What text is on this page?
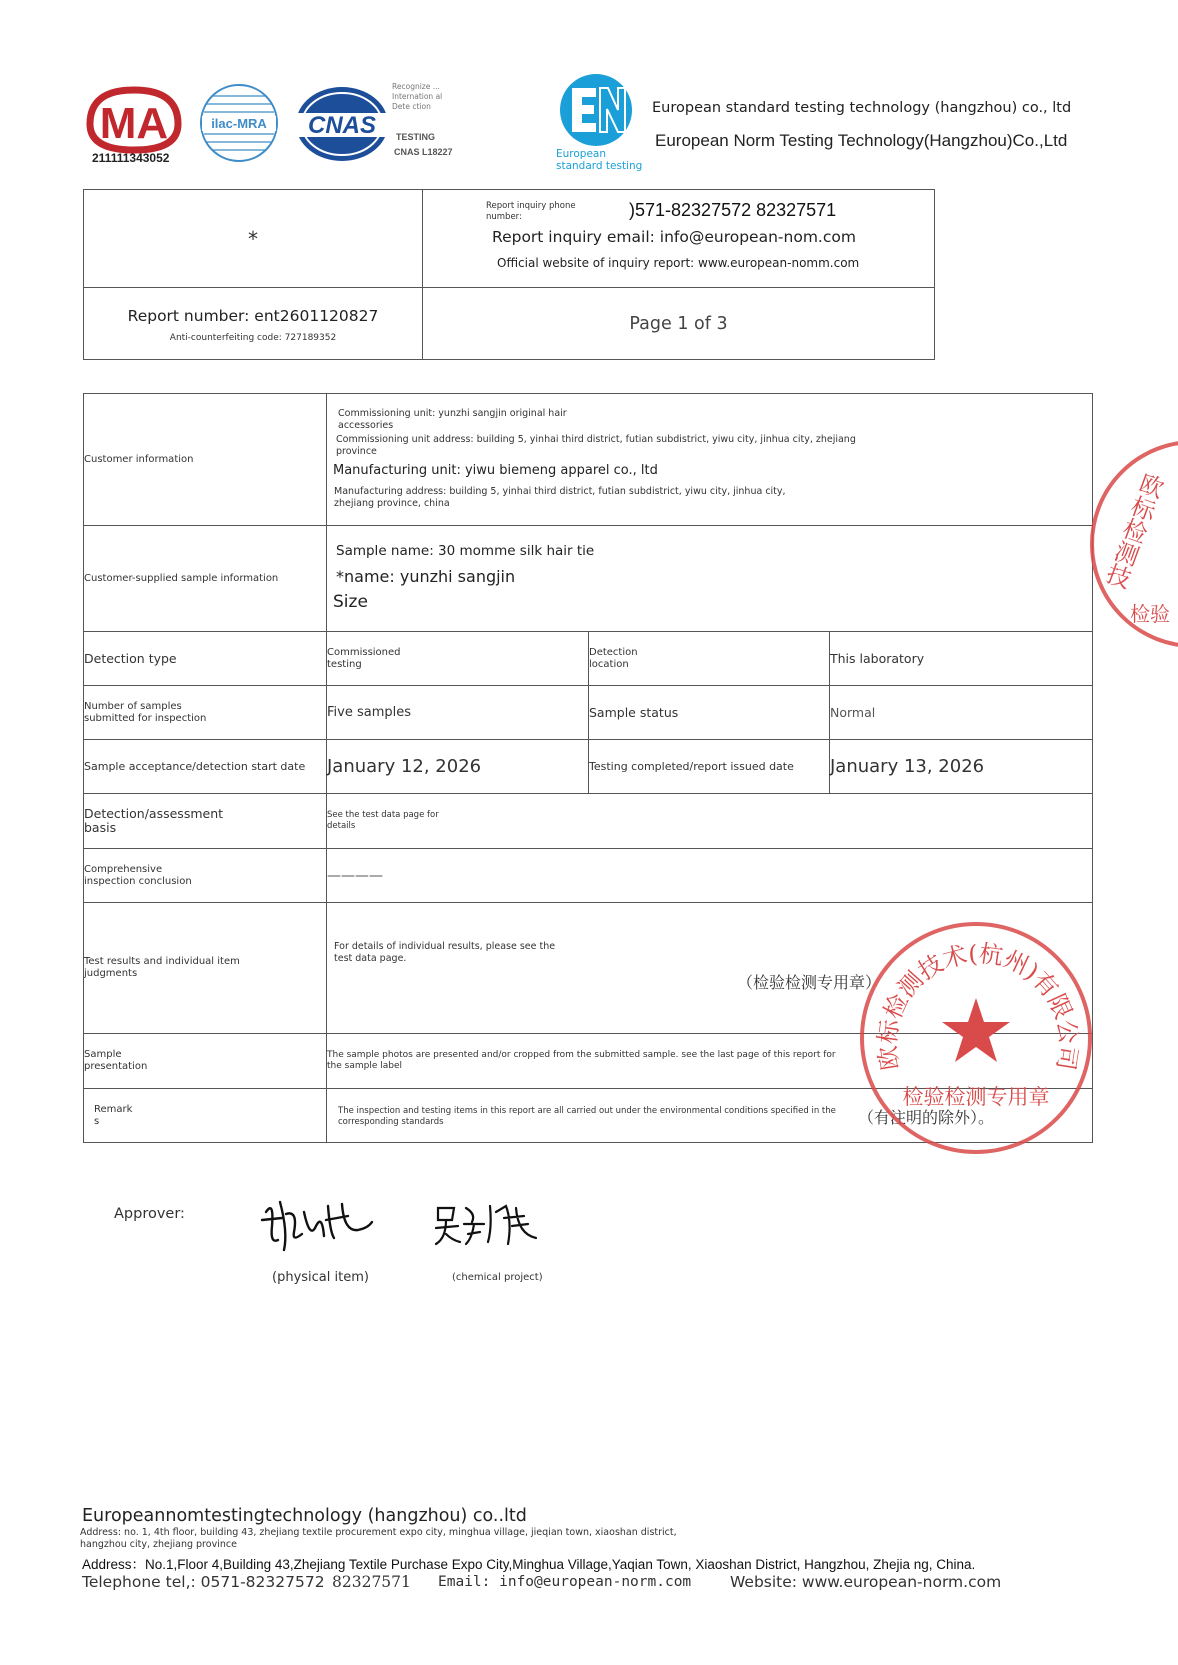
MA
211111343052
ilac-MRA CNAS
Recognize ... Internation al Dete ction
TESTING
CNAS L18227	European standard testing
European standard testing technology (hangzhou) co., ltd
European Norm Testing Technology(Hangzhou)Co.,Ltd
*	Report inquiry phone number: )571-82327572 82327571
Report inquiry email: info@european-nom.com
Official website of inquiry report: www.european-nomm.com

Report number: ent2601120827
Anti-counterfeiting code: 727189352	Page 1 of 3
Customer information	Commissioning unit: yunzhi sangjin original hair accessories
Commissioning unit address: building 5, yinhai third district, futian subdistrict, yiwu city, jinhua city, zhejiang province
Manufacturing unit: yiwu biemeng apparel co., ltd
Manufacturing address: building 5, yinhai third district, futian subdistrict, yiwu city, jinhua city, zhejiang province, china		

Customer-supplied sample information	Sample name: 30 momme silk hair tie
*name: yunzhi sangjin
Size		

Detection type	Commissioned testing	Detection location	This laboratory

Number of samples submitted for inspection	Five samples	Sample status	Normal
Sample acceptance/detection start date	January 12, 2026	Testing completed/report issued date	January 13, 2026

Detection/assessment basis	See the test data page for details		

Comprehensive inspection conclusion	————		

Test results and individual item judgments	For details of individual results, please see the test data page.
（检验检测专用章）		

Sample presentation	The sample photos are presented and/or cropped from the submitted sample. see the last page of this report for the sample label		

Remark s	The inspection and testing items in this report are all carried out under the environmental conditions specified in the corresponding standards （有注明的除外）。		
欧标检测技术(杭州)有限公司
检验检测专用章
欧标检测技
检验
Approver:
(physical item)	(chemical project)
Europeannomtestingtechnology (hangzhou) co..ltd
Address: no. 1, 4th floor, building 43, zhejiang textile procurement expo city, minghua village, jieqian town, xiaoshan district, hangzhou city, zhejiang province
Address：No.1,Floor 4,Building 43,Zhejiang Textile Purchase Expo City,Minghua Village,Yaqian Town, Xiaoshan District, Hangzhou, Zhejia ng, China.
Telephone tel,: 0571-82327572 82327571 Email: info@european-norm.com	Website: www.european-norm.com
